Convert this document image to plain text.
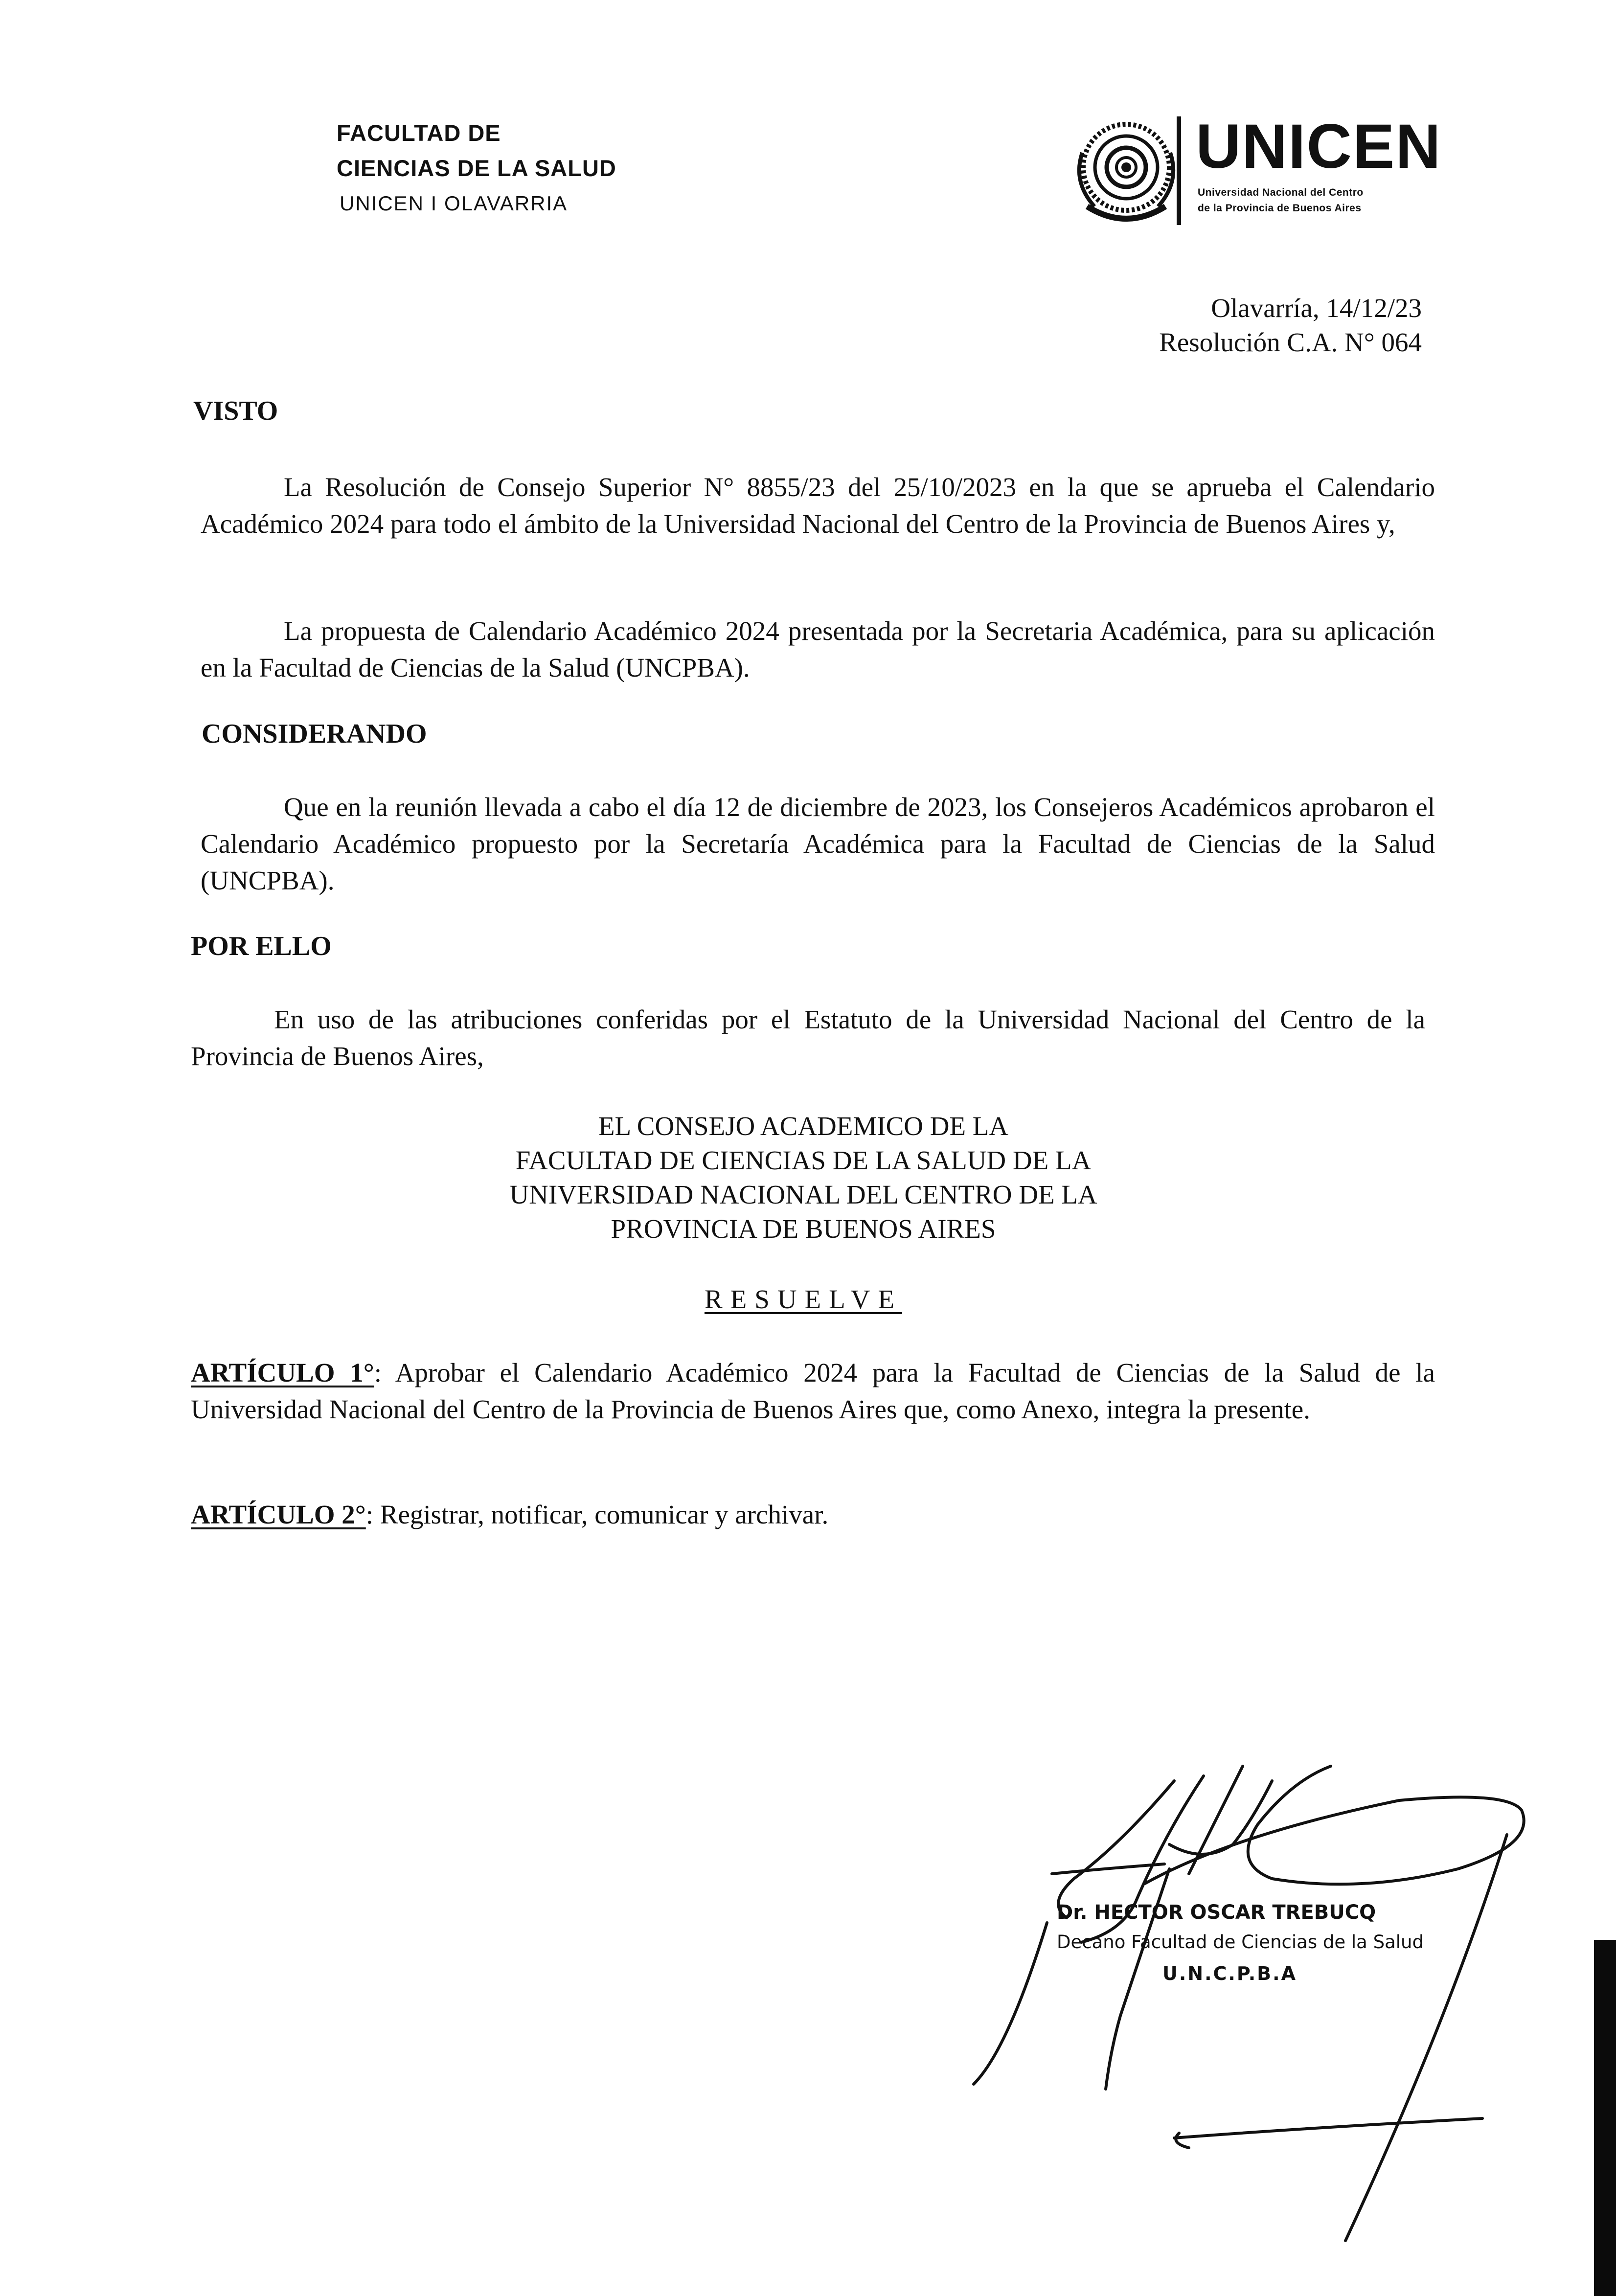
FACULTAD DE
CIENCIAS DE LA SALUD
UNICEN I OLAVARRIA
UNICEN
Universidad Nacional del Centro
de la Provincia de Buenos Aires
Olavarría, 14/12/23
Resolución C.A. N° 064
VISTO
La Resolución de Consejo Superior N° 8855/23 del 25/10/2023 en la que se aprueba el Calendario Académico 2024 para todo el ámbito de la Universidad Nacional del Centro de la Provincia de Buenos Aires y,
La propuesta de Calendario Académico 2024 presentada por la Secretaria Académica, para su aplicación en la Facultad de Ciencias de la Salud (UNCPBA).
CONSIDERANDO
Que en la reunión llevada a cabo el día 12 de diciembre de 2023, los Consejeros Académicos aprobaron el Calendario Académico propuesto por la Secretaría Académica para la Facultad de Ciencias de la Salud (UNCPBA).
POR ELLO
En uso de las atribuciones conferidas por el Estatuto de la Universidad Nacional del Centro de la Provincia de Buenos Aires,
EL CONSEJO ACADEMICO DE LA
FACULTAD DE CIENCIAS DE LA SALUD DE LA
UNIVERSIDAD NACIONAL DEL CENTRO DE LA
PROVINCIA DE BUENOS AIRES
RESUELVE
ARTÍCULO 1°: Aprobar el Calendario Académico 2024 para la Facultad de Ciencias de la Salud de la Universidad Nacional del Centro de la Provincia de Buenos Aires que, como Anexo, integra la presente.
ARTÍCULO 2°: Registrar, notificar, comunicar y archivar.
Dr. HECTOR OSCAR TREBUCQ
Decano Facultad de Ciencias de la Salud
U.N.C.P.B.A
